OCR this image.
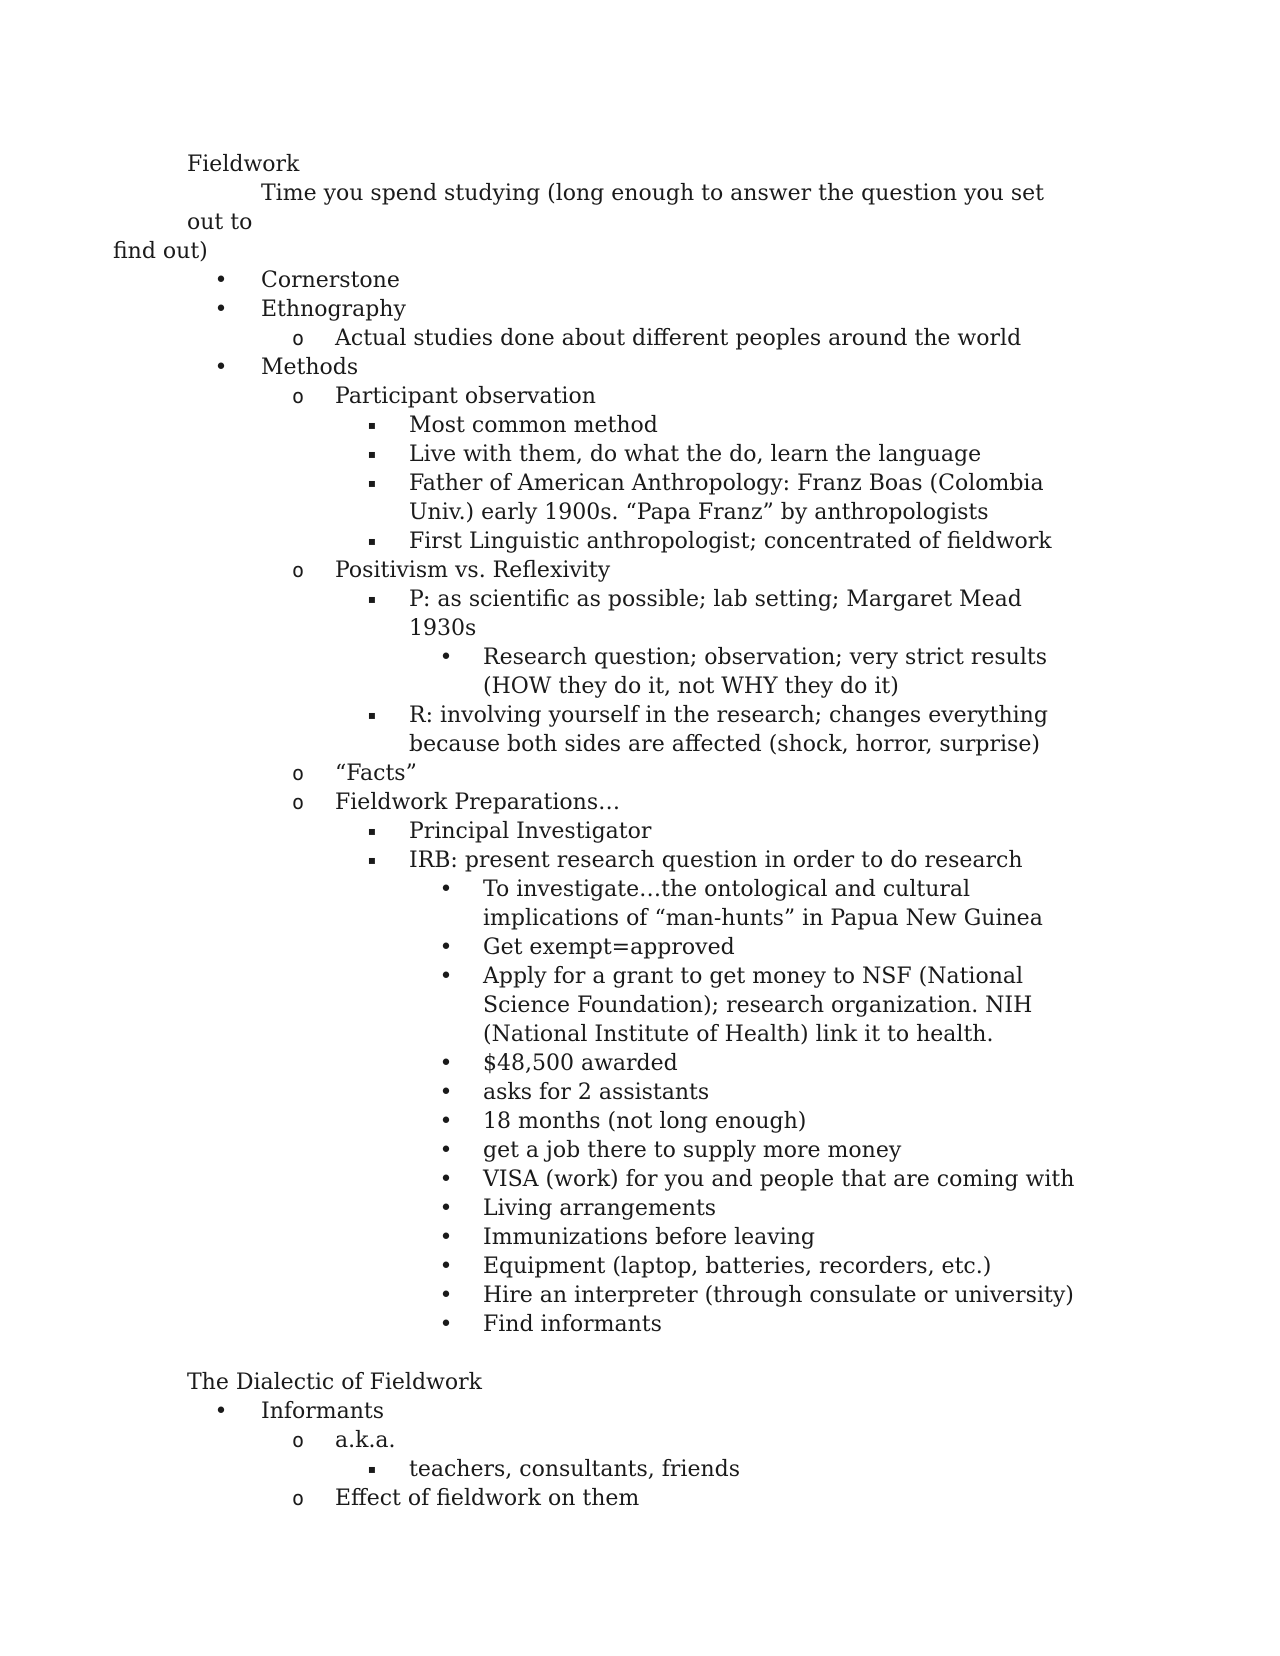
Fieldwork

Time you spend studying (long enough to answer the question you set out to
find out)

•
Cornerstone
•
Ethnography
o
Actual studies done about different peoples around the world
•
Methods
o
Participant observation
▪
Most common method
▪
Live with them, do what the do, learn the language
▪
Father of American Anthropology: Franz Boas (Colombia Univ.) early 1900s. “Papa Franz” by anthropologists
▪
First Linguistic anthropologist; concentrated of fieldwork
o
Positivism vs. Reflexivity
▪
P: as scientific as possible; lab setting; Margaret Mead 1930s
•
Research question; observation; very strict results (HOW they do it, not WHY they do it)
▪
R: involving yourself in the research; changes everything because both sides are affected (shock, horror, surprise)
o
“Facts”
o
Fieldwork Preparations…
▪
Principal Investigator
▪
IRB: present research question in order to do research
•
To investigate…the ontological and cultural implications of “man-hunts” in Papua New Guinea
•
Get exempt=approved
•
Apply for a grant to get money to NSF (National Science Foundation); research organization. NIH (National Institute of Health) link it to health.
•
$48,500 awarded
•
asks for 2 assistants
•
18 months (not long enough)
•
get a job there to supply more money
•
VISA (work) for you and people that are coming with
•
Living arrangements
•
Immunizations before leaving
•
Equipment (laptop, batteries, recorders, etc.)
•
Hire an interpreter (through consulate or university)
•
Find informants

The Dialectic of Fieldwork

•
Informants
o
a.k.a.
▪
teachers, consultants, friends
o
Effect of fieldwork on them
